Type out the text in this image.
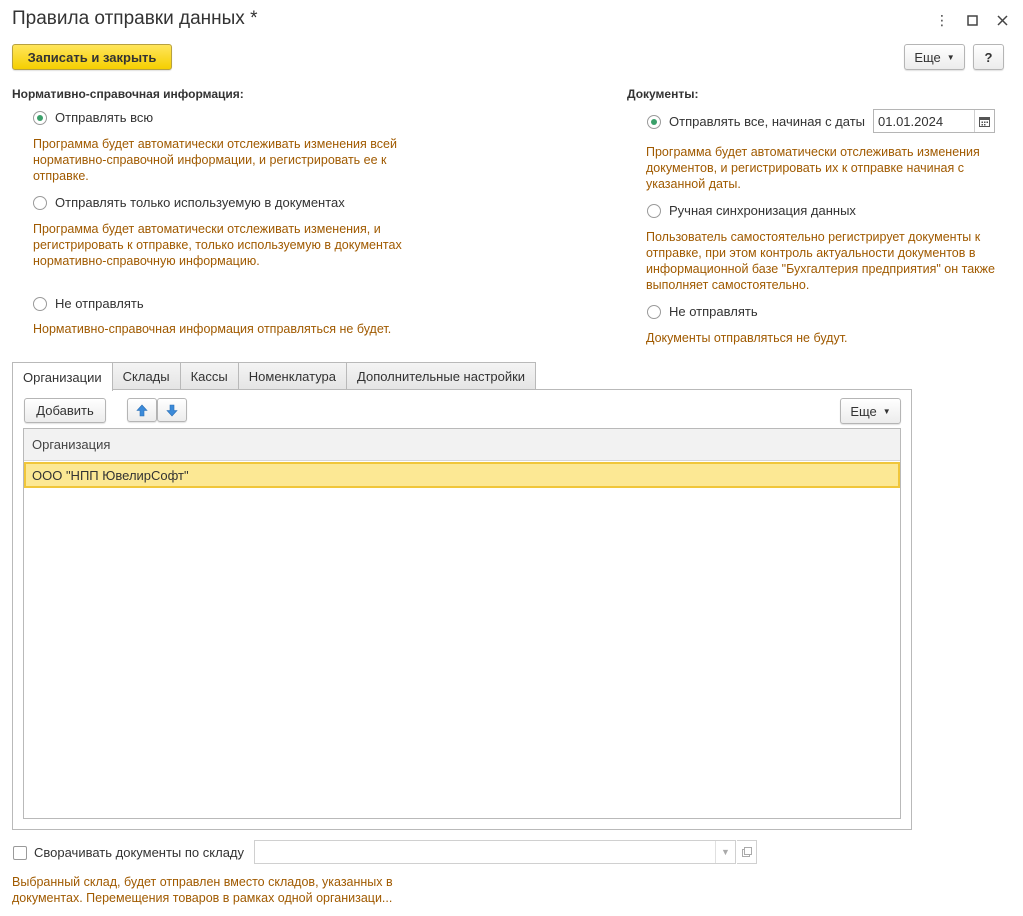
Правила отправки данных *	⋮
Записать и закрыть	Еще ▼	?
Нормативно-справочная информация:
Отправлять всю
Программа будет автоматически отслеживать изменения всей
нормативно-справочной информации, и регистрировать ее к
отправке.
Отправлять только используемую в документах
Программа будет автоматически отслеживать изменения, и
регистрировать к отправке, только используемую в документах
нормативно-справочную информацию.
Не отправлять
Нормативно-справочная информация отправляться не будет.
Документы:
Отправлять все, начиная с даты 01.01.2024
Программа будет автоматически отслеживать изменения
документов, и регистрировать их к отправке начиная с
указанной даты.
Ручная синхронизация данных
Пользователь самостоятельно регистрирует документы к
отправке, при этом контроль актуальности документов в
информационной базе "Бухгалтерия предприятия" он также
выполняет самостоятельно.
Не отправлять
Документы отправляться не будут.
Организации	Склады	Кассы	Номенклатура	Дополнительные настройки
Добавить	Еще ▼
Организация
ООО "НПП ЮвелирСофт"
Сворачивать документы по складу	▼
Выбранный склад, будет отправлен вместо складов, указанных в
документах. Перемещения товаров в рамках одной организаци...
